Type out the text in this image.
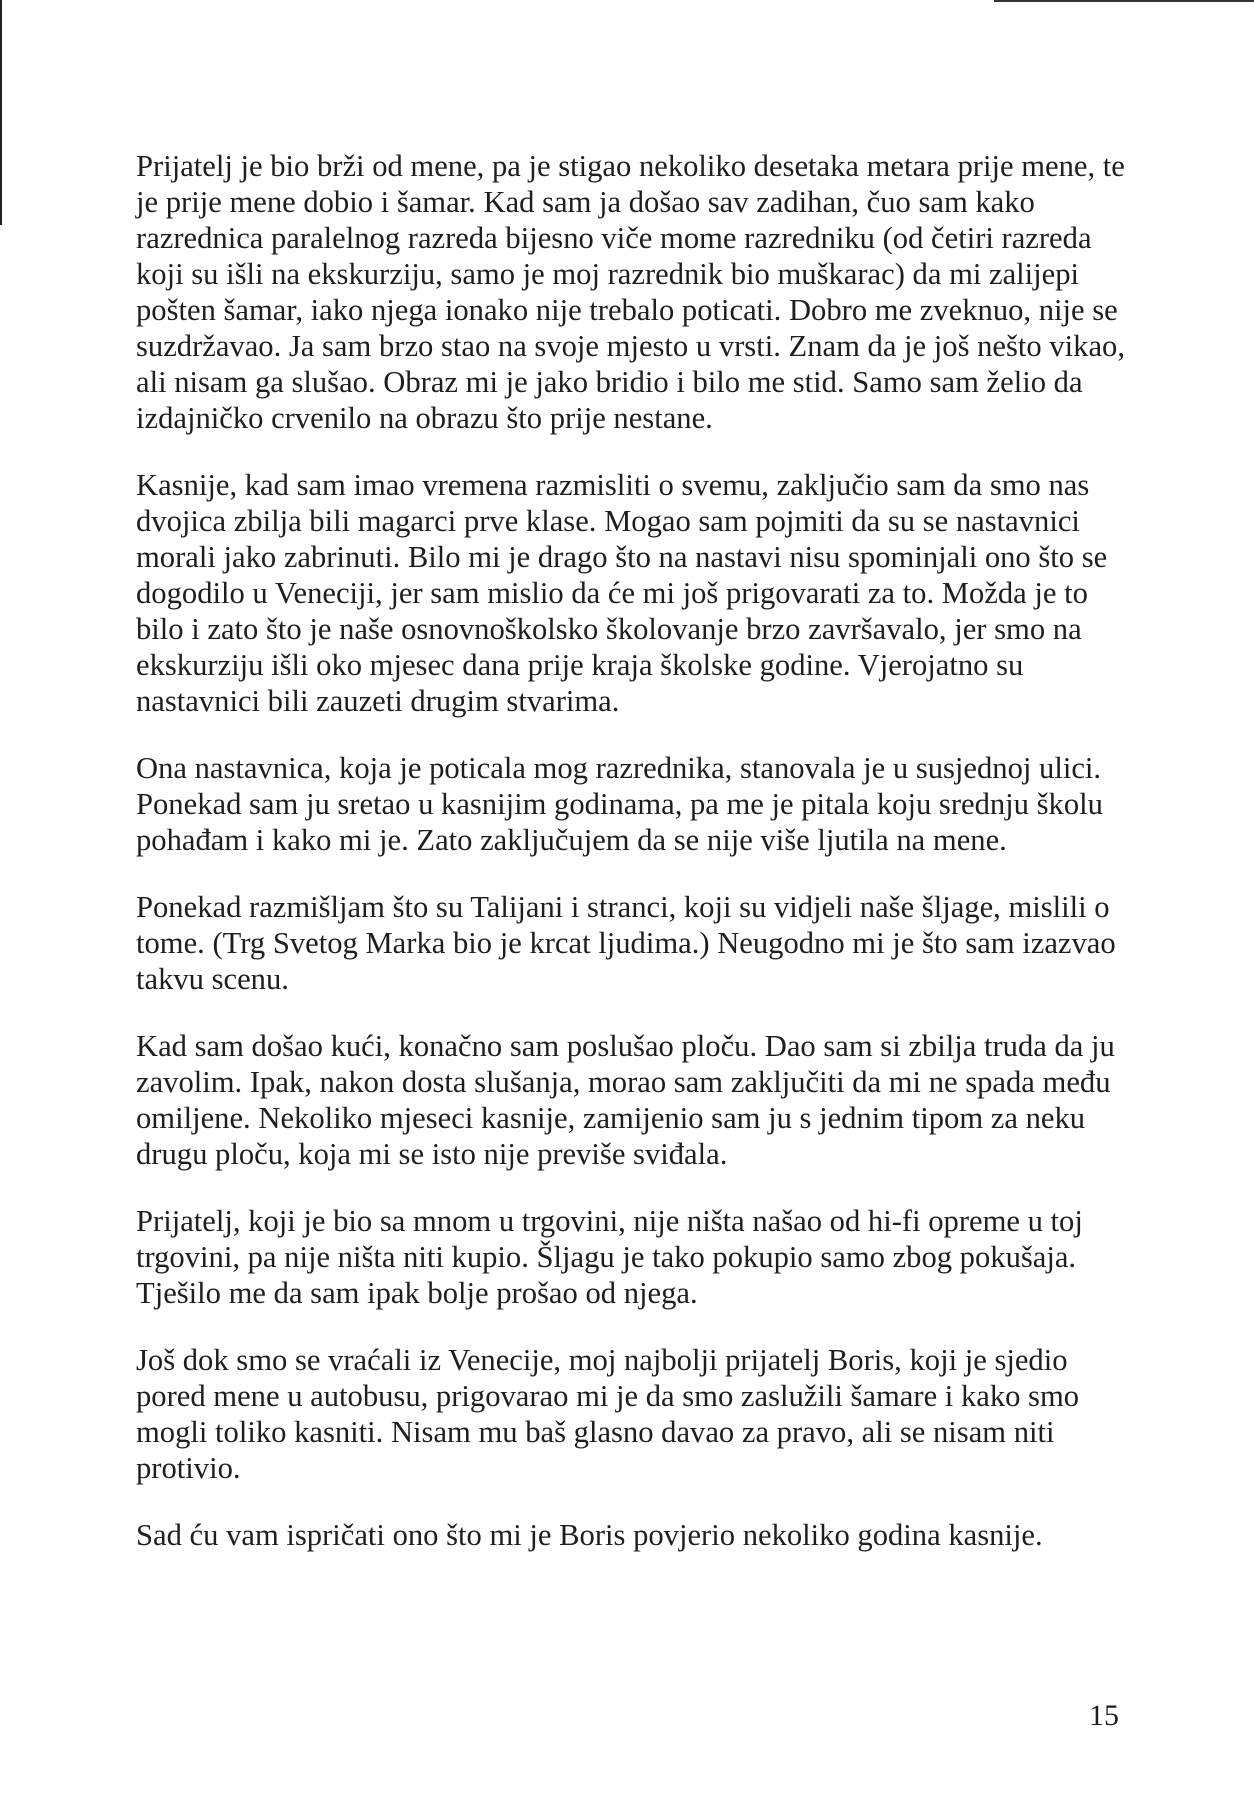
Prijatelj je bio brži od mene, pa je stigao nekoliko desetaka metara prije mene, te je prije mene dobio i šamar. Kad sam ja došao sav zadihan, čuo sam kako razrednica paralelnog razreda bijesno viče mome razredniku (od četiri razreda koji su išli na ekskurziju, samo je moj razrednik bio muškarac) da mi zalijepi pošten šamar, iako njega ionako nije trebalo poticati. Dobro me zveknuo, nije se suzdržavao. Ja sam brzo stao na svoje mjesto u vrsti. Znam da je još nešto vikao, ali nisam ga slušao. Obraz mi je jako bridio i bilo me stid. Samo sam želio da izdajničko crvenilo na obrazu što prije nestane.

Kasnije, kad sam imao vremena razmisliti o svemu, zaključio sam da smo nas dvojica zbilja bili magarci prve klase. Mogao sam pojmiti da su se nastavnici morali jako zabrinuti. Bilo mi je drago što na nastavi nisu spominjali ono što se dogodilo u Veneciji, jer sam mislio da će mi još prigovarati za to. Možda je to bilo i zato što je naše osnovnoškolsko školovanje brzo završavalo, jer smo na ekskurziju išli oko mjesec dana prije kraja školske godine. Vjerojatno su nastavnici bili zauzeti drugim stvarima.

Ona nastavnica, koja je poticala mog razrednika, stanovala je u susjednoj ulici. Ponekad sam ju sretao u kasnijim godinama, pa me je pitala koju srednju školu pohađam i kako mi je. Zato zaključujem da se nije više ljutila na mene.

Ponekad razmišljam što su Talijani i stranci, koji su vidjeli naše šljage, mislili o tome. (Trg Svetog Marka bio je krcat ljudima.) Neugodno mi je što sam izazvao takvu scenu.

Kad sam došao kući, konačno sam poslušao ploču. Dao sam si zbilja truda da ju zavolim. Ipak, nakon dosta slušanja, morao sam zaključiti da mi ne spada među omiljene. Nekoliko mjeseci kasnije, zamijenio sam ju s jednim tipom za neku drugu ploču, koja mi se isto nije previše sviđala.

Prijatelj, koji je bio sa mnom u trgovini, nije ništa našao od hi-fi opreme u toj trgovini, pa nije ništa niti kupio. Šljagu je tako pokupio samo zbog pokušaja. Tješilo me da sam ipak bolje prošao od njega.

Još dok smo se vraćali iz Venecije, moj najbolji prijatelj Boris, koji je sjedio pored mene u autobusu, prigovarao mi je da smo zaslužili šamare i kako smo mogli toliko kasniti. Nisam mu baš glasno davao za pravo, ali se nisam niti protivio.

Sad ću vam ispričati ono što mi je Boris povjerio nekoliko godina kasnije.

15
